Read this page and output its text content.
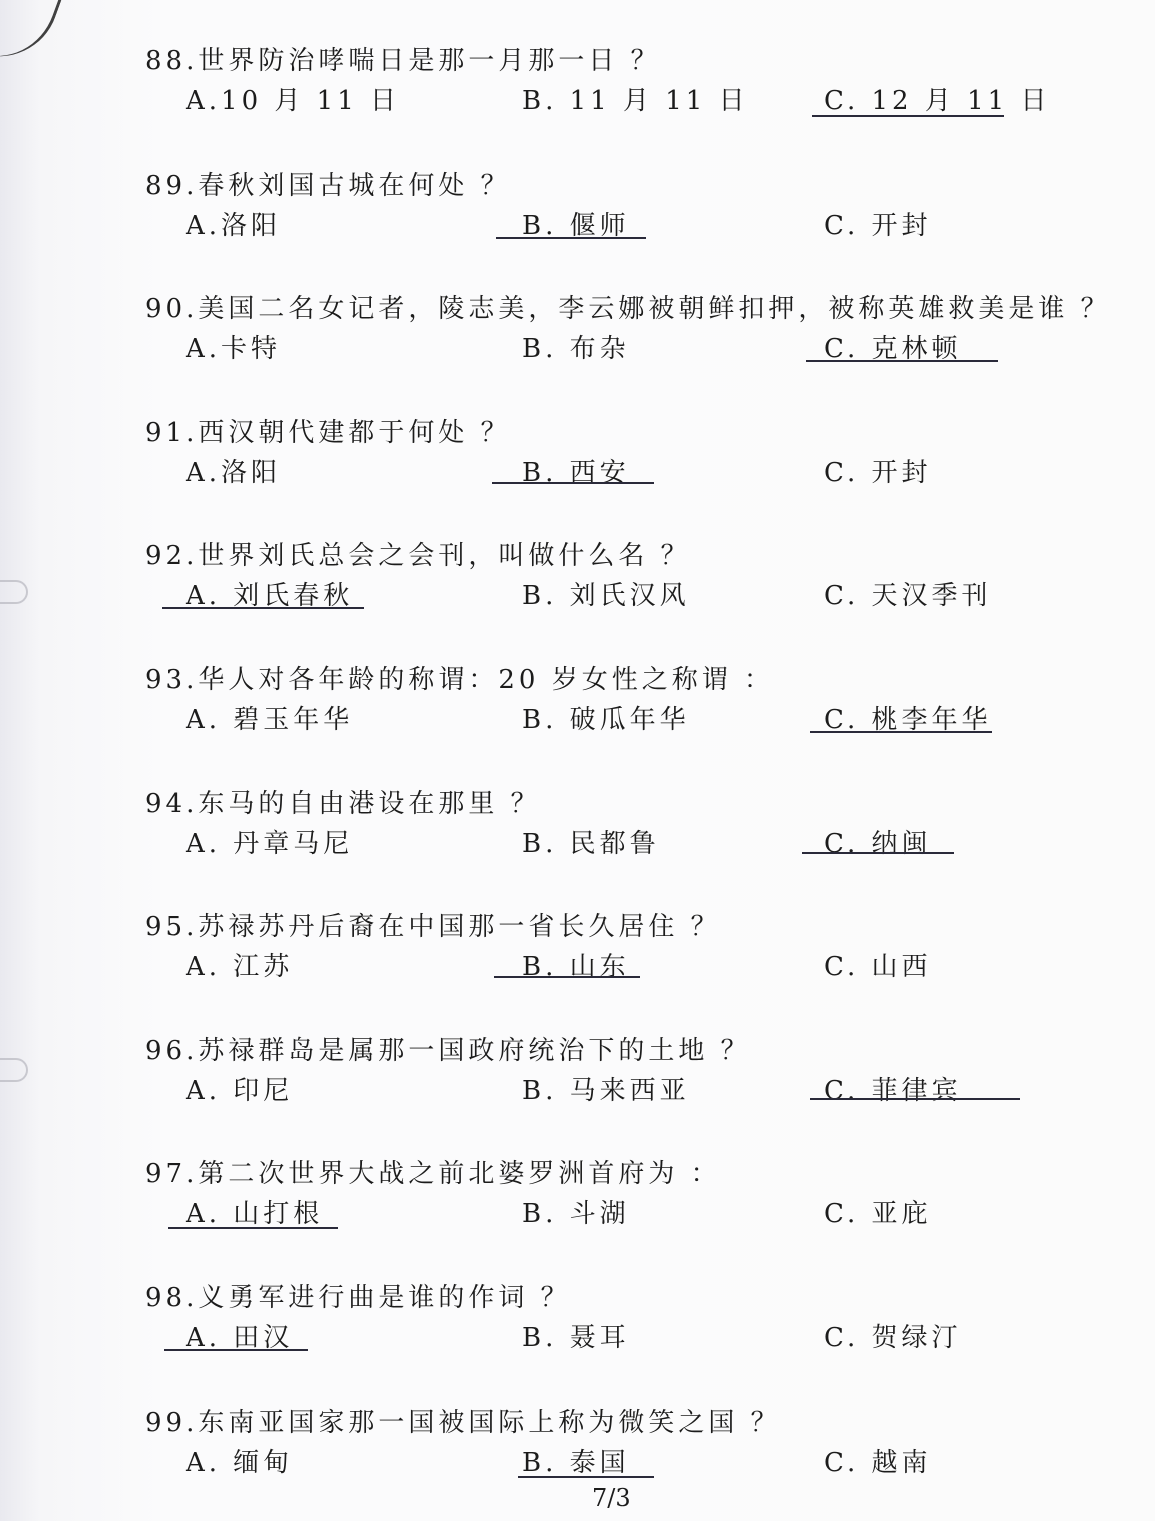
88.世界防治哮喘日是那一月那一日 ？
A.10 月 11 日	B. 11 月 11 日	C. 12 月 11 日
89.春秋刘国古城在何处 ？
A.洛阳	B. 偃师	C. 开封
90.美国二名女记者，陵志美，李云娜被朝鲜扣押，被称英雄救美是谁 ？
A.卡特	B. 布杂	C. 克林顿
91.西汉朝代建都于何处 ？
A.洛阳	B. 西安	C. 开封
92.世界刘氏总会之会刊，叫做什么名 ？
A. 刘氏春秋	B. 刘氏汉风	C. 天汉季刊
93.华人对各年龄的称谓：20 岁女性之称谓 ：
A. 碧玉年华	B. 破瓜年华	C. 桃李年华
94.东马的自由港设在那里 ？
A. 丹章马尼	B. 民都鲁	C. 纳闽
95.苏禄苏丹后裔在中国那一省长久居住 ？
A. 江苏	B. 山东	C. 山西
96.苏禄群岛是属那一国政府统治下的土地 ？
A. 印尼	B. 马来西亚	C. 菲律宾
97.第二次世界大战之前北婆罗洲首府为 ：
A. 山打根	B. 斗湖	C. 亚庇
98.义勇军进行曲是谁的作词 ？
A. 田汉	B. 聂耳	C. 贺绿汀
99.东南亚国家那一国被国际上称为微笑之国 ？
A. 缅甸	B. 泰国	C. 越南
7/3
